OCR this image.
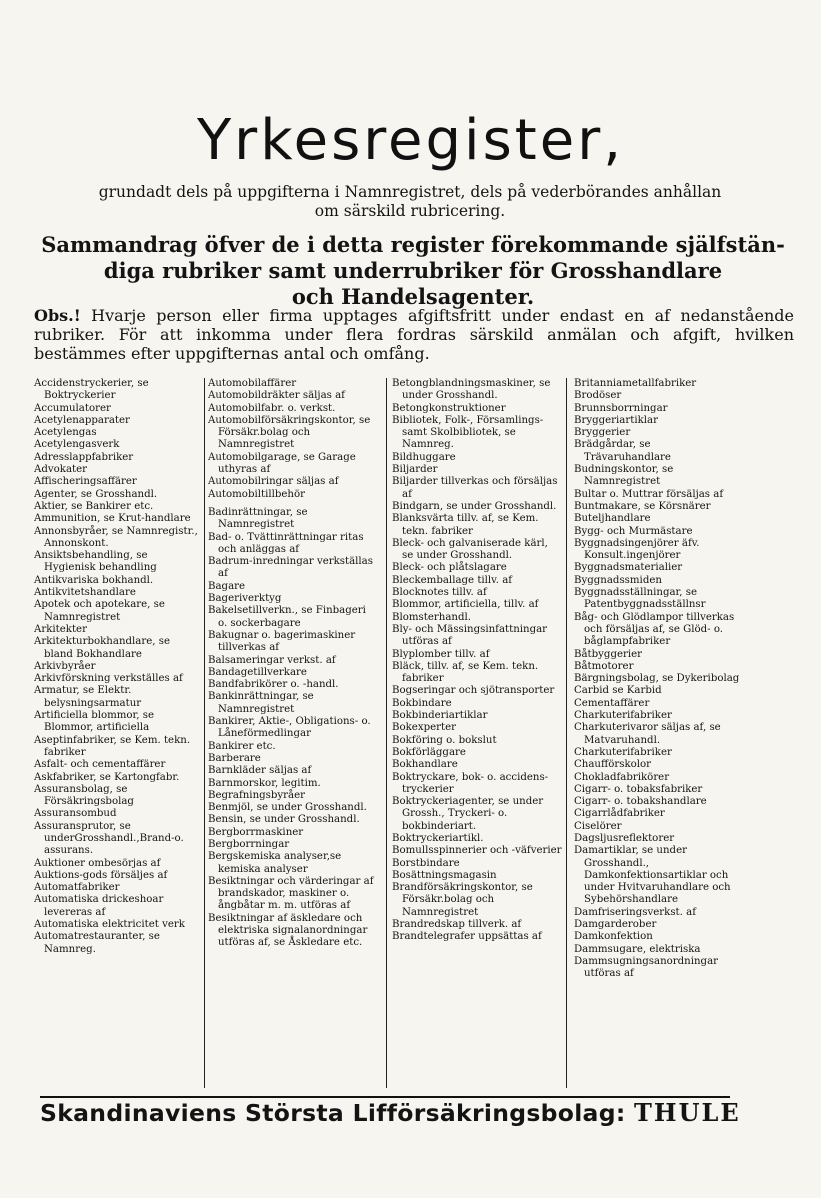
Yrkesregister,
grundadt dels på uppgifterna i Namnregistret, dels på vederbörandes anhållan
om särskild rubricering.
Sammandrag öfver de i detta register förekommande själfstän-
diga rubriker samt underrubriker för Grosshandlare
och Handelsagenter.
Obs.! Hvarje person eller firma upptages afgiftsfritt under endast en af nedanstående rubriker. För att inkomma under flera fordras särskild anmälan och afgift, hvilken bestämmes efter uppgifternas antal och omfång.
Accidenstryckerier, se Boktryckerier
Accumulatorer
Acetylenapparater
Acetylengas
Acetylengasverk
Adresslappfabriker
Advokater
Affischeringsaffärer
Agenter, se Grosshandl.
Aktier, se Bankirer etc.
Ammunition, se Krut-handlare
Annonsbyråer, se Namnregistr., Annonskont.
Ansiktsbehandling, se Hygienisk behandling
Antikvariska bokhandl.
Antikvitetshandlare
Apotek och apotekare, se Namnregistret
Arkitekter
Arkitekturbokhandlare, se bland Bokhandlare
Arkivbyråer
Arkivförskning verkställes af
Armatur, se Elektr. belysningsarmatur
Artificiella blommor, se Blommor, artificiella
Aseptinfabriker, se Kem. tekn. fabriker
Asfalt- och cementaffärer
Askfabriker, se Kartongfabr.
Assuransbolag, se Försäkringsbolag
Assuransombud
Assuransprutor, se underGrosshandl.,Brand-o. assurans.
Auktioner ombesörjas af
Auktions-gods försäljes af
Automatfabriker
Automatiska drickeshoar levereras af
Automatiska elektricitet verk
Automatrestauranter, se Namnreg.
Automobilaffärer
Automobildräkter säljas af
Automobilfabr. o. verkst.
Automobilförsäkringskontor, se Försäkr.bolag och Namnregistret
Automobilgarage, se Garage uthyras af
Automobilringar säljas af
Automobiltillbehör
Badinrättningar, se Namnregistret
Bad- o. Tvättinrättningar ritas och anläggas af
Badrum-inredningar verkställas af
Bagare
Bageriverktyg
Bakelsetillverkn., se Finbageri o. sockerbagare
Bakugnar o. bagerimaskiner tillverkas af
Balsameringar verkst. af
Bandagetillverkare
Bandfabrikörer o. -handl.
Bankinrättningar, se Namnregistret
Bankirer, Aktie-, Obligations- o. Låneförmedlingar
Bankirer etc.
Barberare
Barnkläder säljas af
Barnmorskor, legitim.
Begrafningsbyråer
Benmjöl, se under Grosshandl.
Bensin, se under Grosshandl.
Bergborrmaskiner
Bergborrningar
Bergskemiska analyser,se kemiska analyser
Besiktningar och värderingar af brandskador, maskiner o. ångbåtar m. m. utföras af
Besiktningar af äskledare och elektriska signalanordningar utföras af, se Åskledare etc.
Betongblandningsmaskiner, se under Grosshandl.
Betongkonstruktioner
Bibliotek, Folk-, Församlings- samt Skolbibliotek, se Namnreg.
Bildhuggare
Biljarder
Biljarder tillverkas och försäljas af
Bindgarn, se under Grosshandl.
Blanksvärta tillv. af, se Kem. tekn. fabriker
Bleck- och galvaniserade kärl, se under Grosshandl.
Bleck- och plåtslagare
Bleckemballage tillv. af
Blocknotes tillv. af
Blommor, artificiella, tillv. af
Blomsterhandl.
Bly- och Mässingsinfattningar utföras af
Blyplomber tillv. af
Bläck, tillv. af, se Kem. tekn. fabriker
Bogseringar och sjötransporter
Bokbindare
Bokbinderiartiklar
Bokexperter
Bokföring o. bokslut
Bokförläggare
Bokhandlare
Boktryckare, bok- o. accidens-tryckerier
Boktryckeriagenter, se under Grossh., Tryckeri- o. bokbinderiart.
Boktryckeriartikl.
Bomullsspinnerier och -väfverier
Borstbindare
Bosättningsmagasin
Brandförsäkringskontor, se Försäkr.bolag och Namnregistret
Brandredskap tillverk. af
Brandtelegrafer uppsättas af
Britanniametallfabriker
Brodöser
Brunnsborrningar
Bryggeriartiklar
Bryggerier
Brädgårdar, se Trävaruhandlare
Budningskontor, se Namnregistret
Bultar o. Muttrar försäljas af
Buntmakare, se Körsnärer
Buteljhandlare
Bygg- och Murmästare
Byggnadsingenjörer äfv. Konsult.ingenjörer
Byggnadsmaterialier
Byggnadssmiden
Byggnadsställningar, se Patentbyggnadsställnsr
Båg- och Glödlampor tillverkas och försäljas af, se Glöd- o. båglampfabriker
Båtbyggerier
Båtmotorer
Bärgningsbolag, se Dykeribolag
Carbid se Karbid
Cementaffärer
Charkuterifabriker
Charkuterivaror säljas af, se Matvaruhandl.
Charkuterifabriker
Chaufförskolor
Chokladfabrikörer
Cigarr- o. tobaksfabriker
Cigarr- o. tobakshandlare
Cigarrlådfabriker
Ciselörer
Dagsljusreflektorer
Damartiklar, se under Grosshandl., Damkonfektionsartiklar och under Hvitvaruhandlare och Sybehörshandlare
Damfriseringsverkst. af
Damgarderober
Damkonfektion
Dammsugare, elektriska
Dammsugningsanordningar utföras af
Skandinaviens Största Lifförsäkringsbolag: THULE
